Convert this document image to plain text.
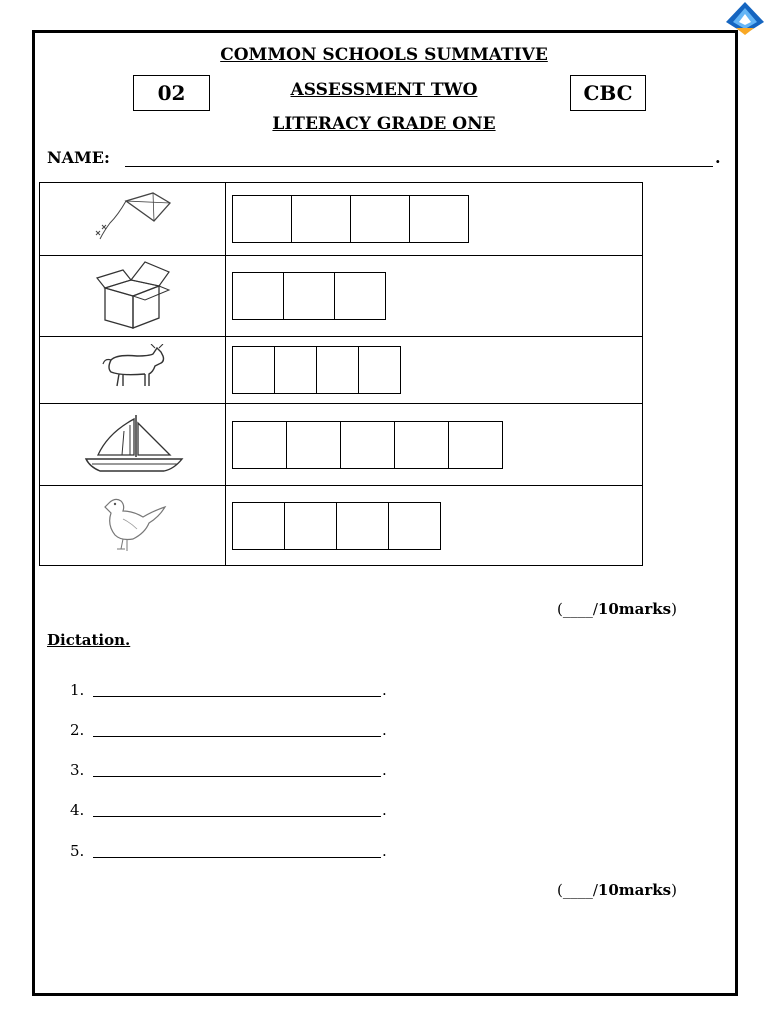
COMMON SCHOOLS SUMMATIVE
ASSESSMENT TWO
LITERACY GRADE ONE
02	CBC
NAME:	.

(____/10marks)
Dictation.
1.	.
2.	.
3.	.
4.	.
5.	.
(____/10marks)
